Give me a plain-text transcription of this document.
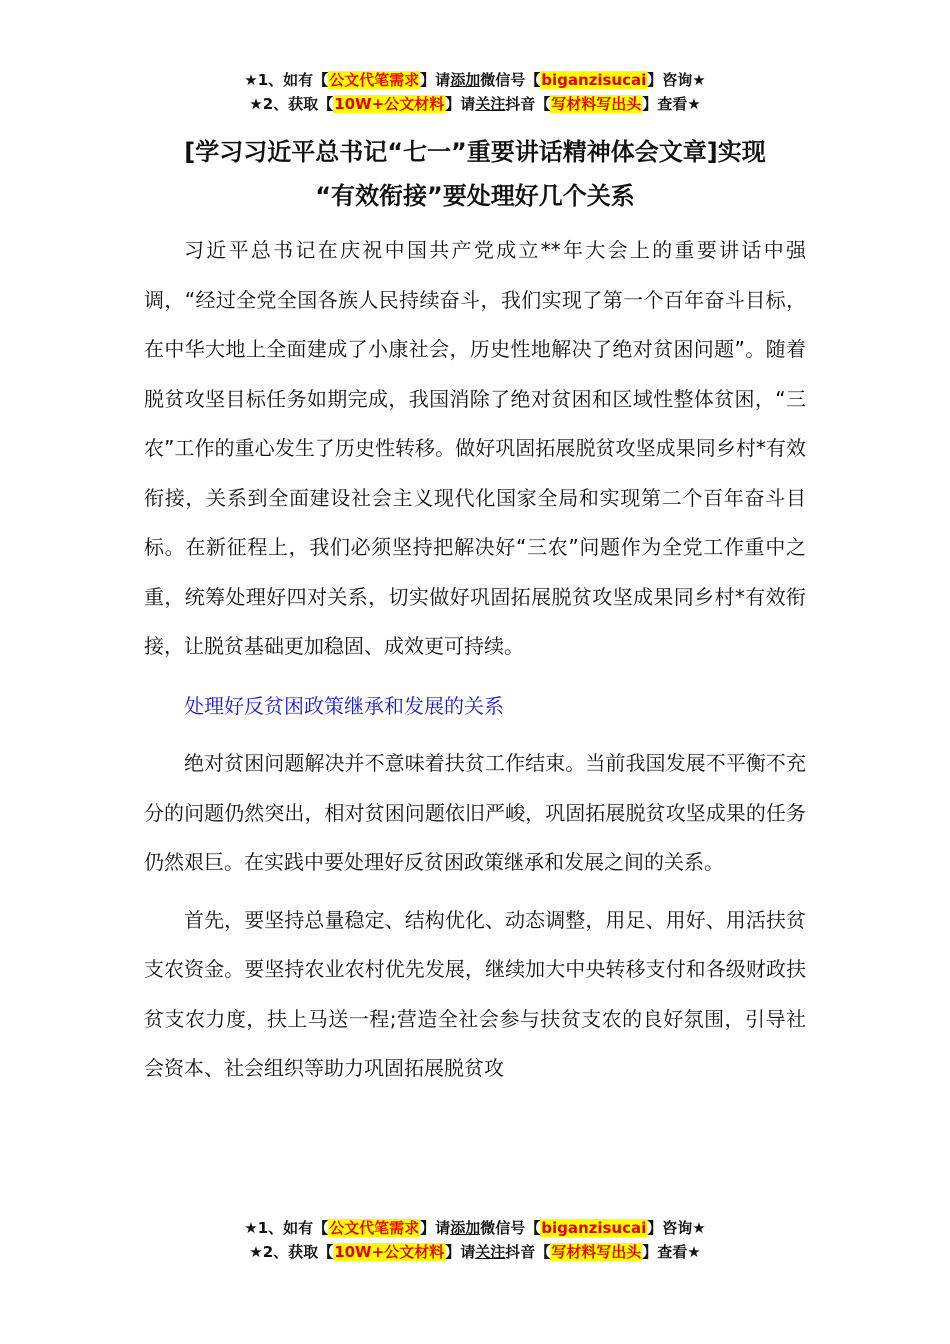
★1、如有【公文代笔需求】请添加微信号【biganzisucai】咨询★
★2、获取【10W+公文材料】请关注抖音【写材料写出头】查看★
[学习习近平总书记“七一”重要讲话精神体会文章]实现
“有效衔接”要处理好几个关系

习近平总书记在庆祝中国共产党成立**年大会上的重要讲话中强调，“经过全党全国各族人民持续奋斗，我们实现了第一个百年奋斗目标，在中华大地上全面建成了小康社会，历史性地解决了绝对贫困问题”。随着脱贫攻坚目标任务如期完成，我国消除了绝对贫困和区域性整体贫困，“三农”工作的重心发生了历史性转移。做好巩固拓展脱贫攻坚成果同乡村*有效衔接，关系到全面建设社会主义现代化国家全局和实现第二个百年奋斗目标。在新征程上，我们必须坚持把解决好“三农”问题作为全党工作重中之重，统筹处理好四对关系，切实做好巩固拓展脱贫攻坚成果同乡村*有效衔接，让脱贫基础更加稳固、成效更可持续。

处理好反贫困政策继承和发展的关系

绝对贫困问题解决并不意味着扶贫工作结束。当前我国发展不平衡不充分的问题仍然突出，相对贫困问题依旧严峻，巩固拓展脱贫攻坚成果的任务仍然艰巨。在实践中要处理好反贫困政策继承和发展之间的关系。

首先，要坚持总量稳定、结构优化、动态调整，用足、用好、用活扶贫支农资金。要坚持农业农村优先发展，继续加大中央转移支付和各级财政扶贫支农力度，扶上马送一程;营造全社会参与扶贫支农的良好氛围，引导社会资本、社会组织等助力巩固拓展脱贫攻

★1、如有【公文代笔需求】请添加微信号【biganzisucai】咨询★
★2、获取【10W+公文材料】请关注抖音【写材料写出头】查看★
